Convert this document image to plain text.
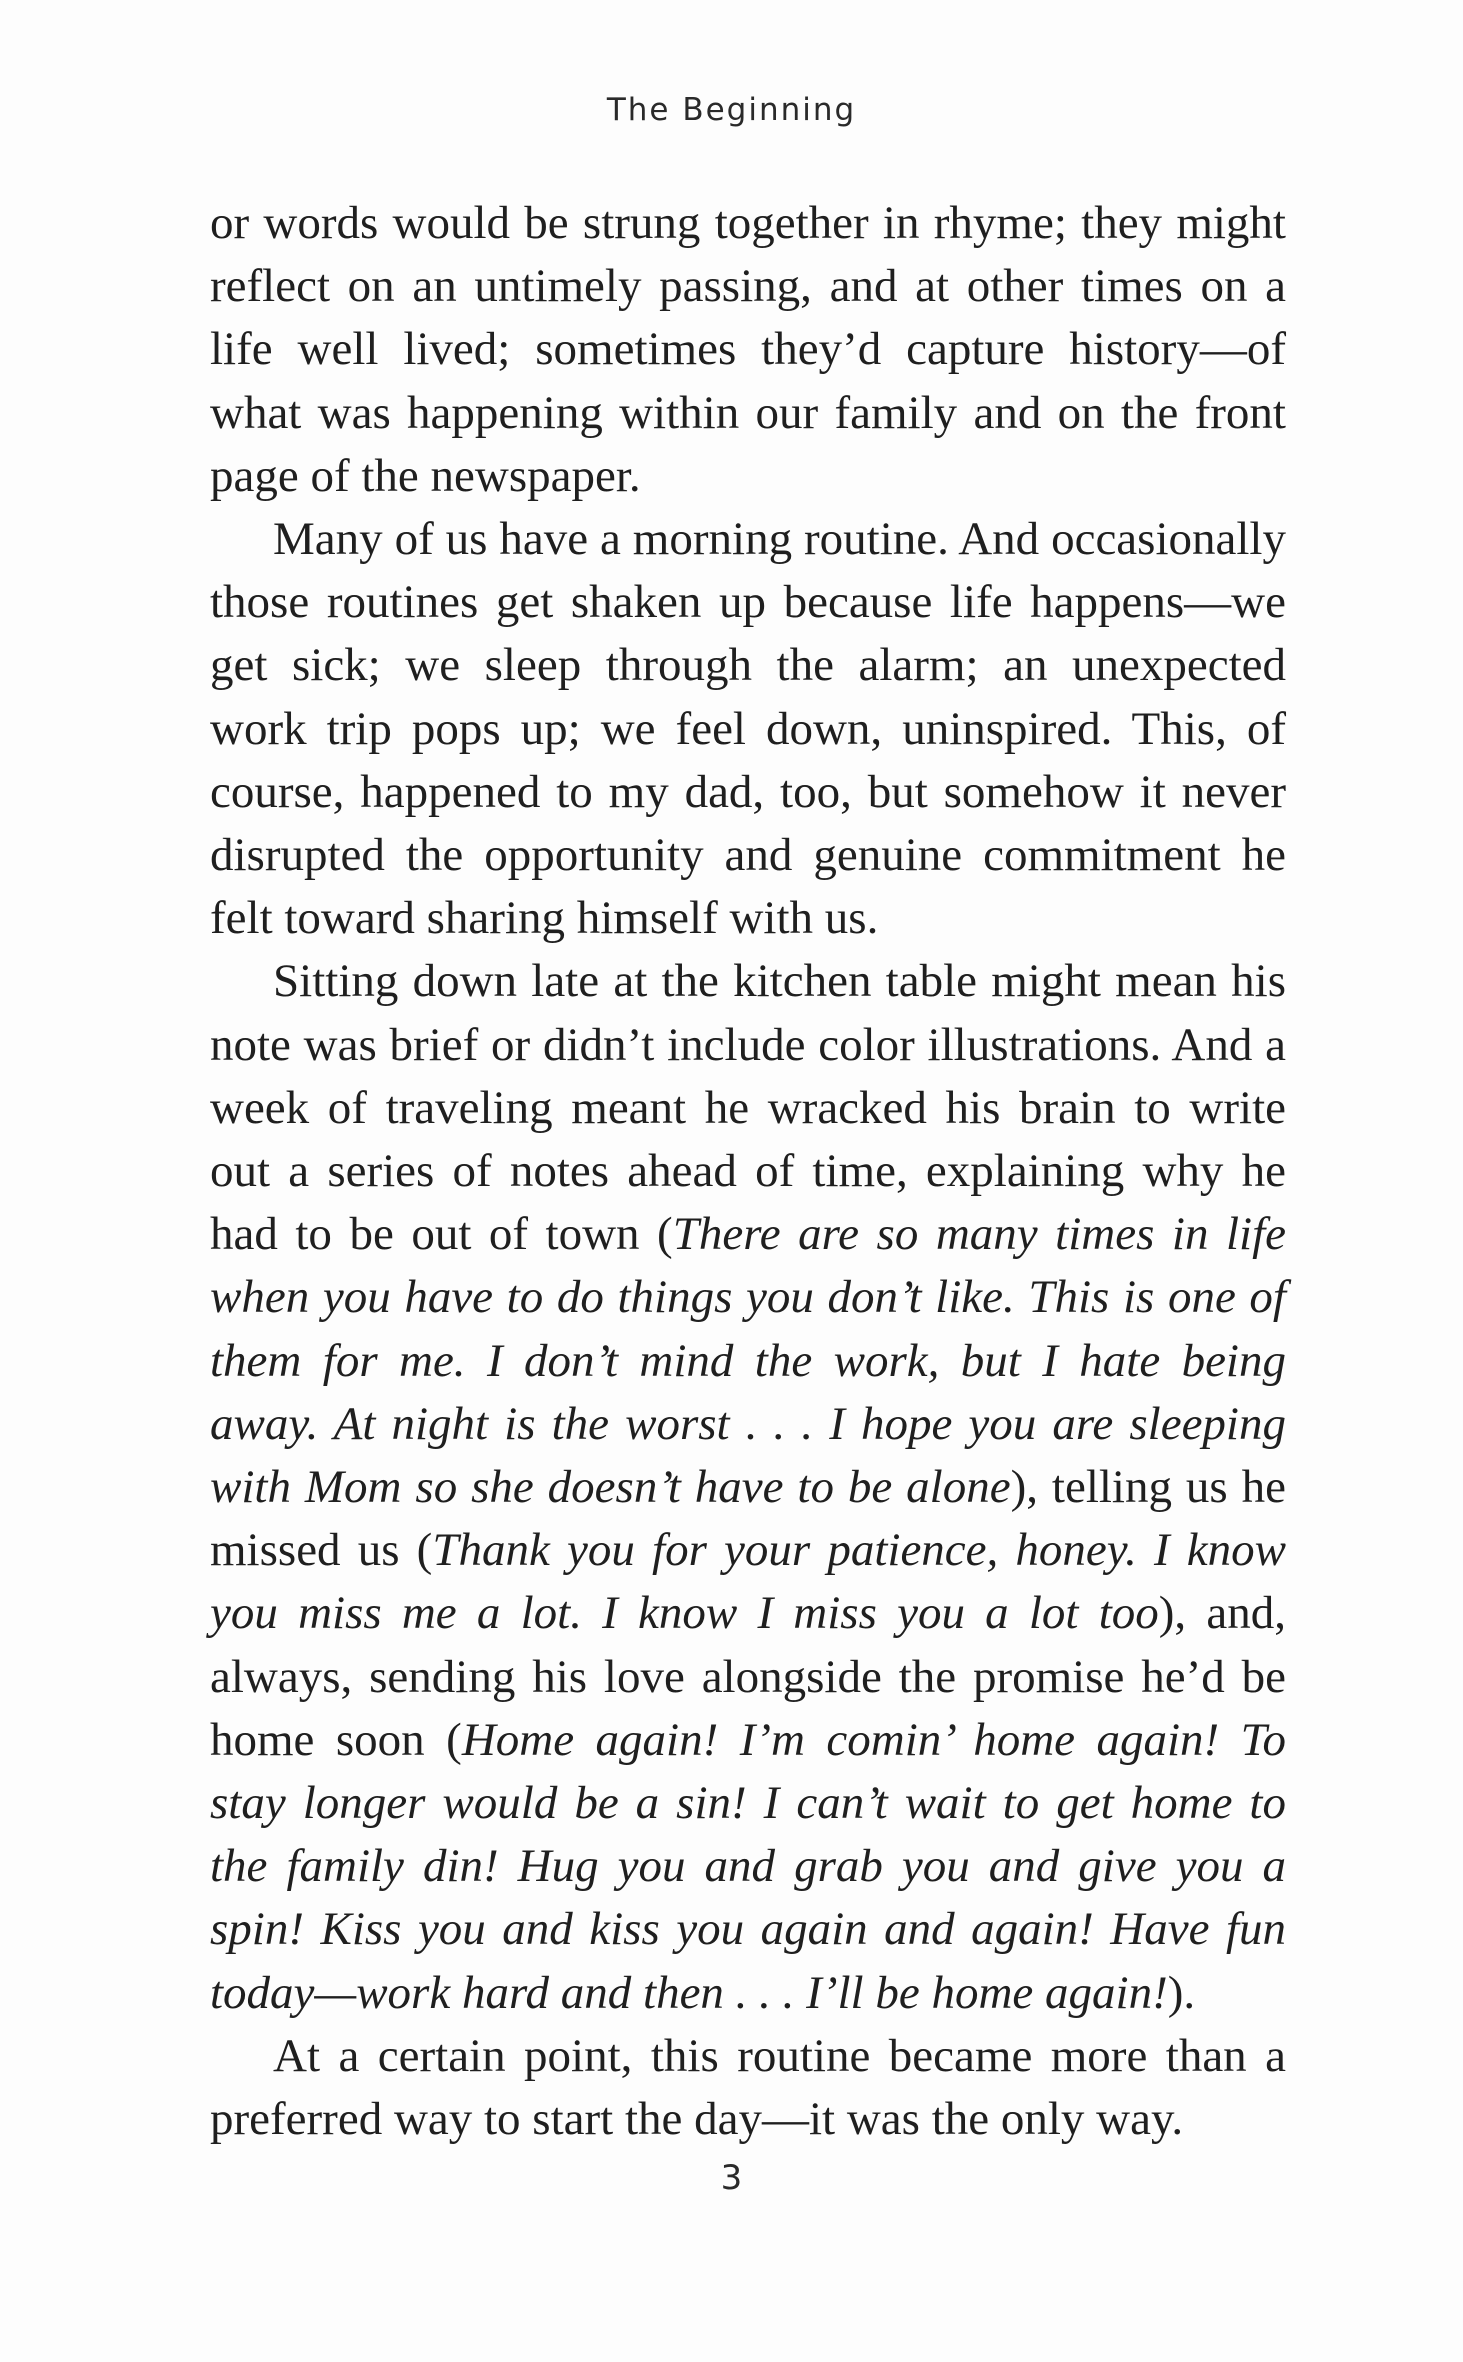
The Beginning

or words would be strung together in rhyme; they might reflect on an untimely passing, and at other times on a life well lived; sometimes they’d capture history—of what was happening within our family and on the front page of the newspaper.

Many of us have a morning routine. And occasionally those routines get shaken up because life happens—we get sick; we sleep through the alarm; an unexpected work trip pops up; we feel down, uninspired. This, of course, happened to my dad, too, but somehow it never disrupted the opportunity and genuine commitment he felt toward sharing himself with us.

Sitting down late at the kitchen table might mean his note was brief or didn’t include color illustrations. And a week of traveling meant he wracked his brain to write out a series of notes ahead of time, explaining why he had to be out of town (There are so many times in life when you have to do things you don’t like. This is one of them for me. I don’t mind the work, but I hate being away. At night is the worst . . . I hope you are sleeping with Mom so she doesn’t have to be alone), telling us he missed us (Thank you for your patience, honey. I know you miss me a lot. I know I miss you a lot too), and, always, sending his love alongside the promise he’d be home soon (Home again! I’m comin’ home again! To stay longer would be a sin! I can’t wait to get home to the family din! Hug you and grab you and give you a spin! Kiss you and kiss you again and again! Have fun today—work hard and then . . . I’ll be home again!).

At a certain point, this routine became more than a preferred way to start the day—it was the only way.

3
